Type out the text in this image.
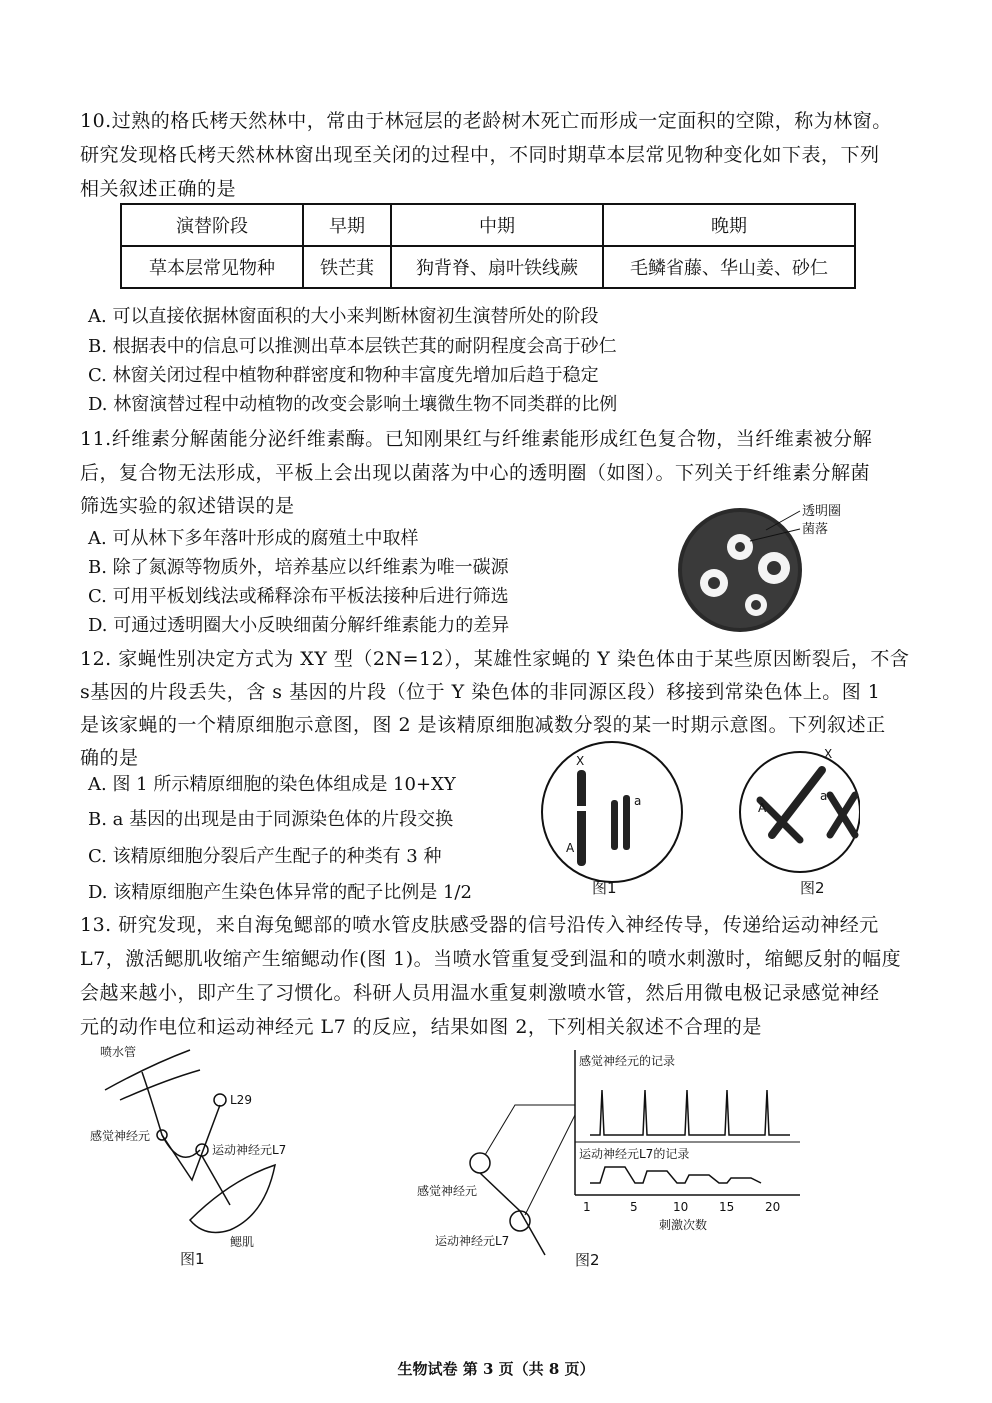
10.过熟的格氏栲天然林中，常由于林冠层的老龄树木死亡而形成一定面积的空隙，称为林窗。
研究发现格氏栲天然林林窗出现至关闭的过程中，不同时期草本层常见物种变化如下表，下列
相关叙述正确的是
演替阶段	早期	中期	晚期
草本层常见物种	铁芒萁	狗背脊、扇叶铁线蕨	毛鳞省藤、华山姜、砂仁
A. 可以直接依据林窗面积的大小来判断林窗初生演替所处的阶段
B. 根据表中的信息可以推测出草本层铁芒萁的耐阴程度会高于砂仁
C. 林窗关闭过程中植物种群密度和物种丰富度先增加后趋于稳定
D. 林窗演替过程中动植物的改变会影响土壤微生物不同类群的比例
11.纤维素分解菌能分泌纤维素酶。已知刚果红与纤维素能形成红色复合物，当纤维素被分解
后，复合物无法形成，平板上会出现以菌落为中心的透明圈（如图）。下列关于纤维素分解菌
筛选实验的叙述错误的是
A. 可从林下多年落叶形成的腐殖土中取样
B. 除了氮源等物质外，培养基应以纤维素为唯一碳源
C. 可用平板划线法或稀释涂布平板法接种后进行筛选
D. 可通过透明圈大小反映细菌分解纤维素能力的差异
透明圈
菌落
12. 家蝇性别决定方式为 XY 型（2N=12），某雄性家蝇的 Y 染色体由于某些原因断裂后，不含
s基因的片段丢失，含 s 基因的片段（位于 Y 染色体的非同源区段）移接到常染色体上。图 1
是该家蝇的一个精原细胞示意图，图 2 是该精原细胞减数分裂的某一时期示意图。下列叙述正
确的是
A. 图 1 所示精原细胞的染色体组成是 10+XY
B. a 基因的出现是由于同源染色体的片段交换
C. 该精原细胞分裂后产生配子的种类有 3 种
D. 该精原细胞产生染色体异常的配子比例是 1/2
X
A
a
图1
X
A
a
图2
13. 研究发现，来自海兔鳃部的喷水管皮肤感受器的信号沿传入神经传导，传递给运动神经元
L7，激活鳃肌收缩产生缩鳃动作(图 1)。当喷水管重复受到温和的喷水刺激时，缩鳃反射的幅度
会越来越小，即产生了习惯化。科研人员用温水重复刺激喷水管，然后用微电极记录感觉神经
元的动作电位和运动神经元 L7 的反应，结果如图 2，下列相关叙述不合理的是
喷水管
L29
感觉神经元
运动神经元L7
鳃肌
图1
感觉神经元的记录
运动神经元L7的记录
1	5	10	15	20
刺激次数
感觉神经元
运动神经元L7
图2
生物试卷 第 3 页（共 8 页）
